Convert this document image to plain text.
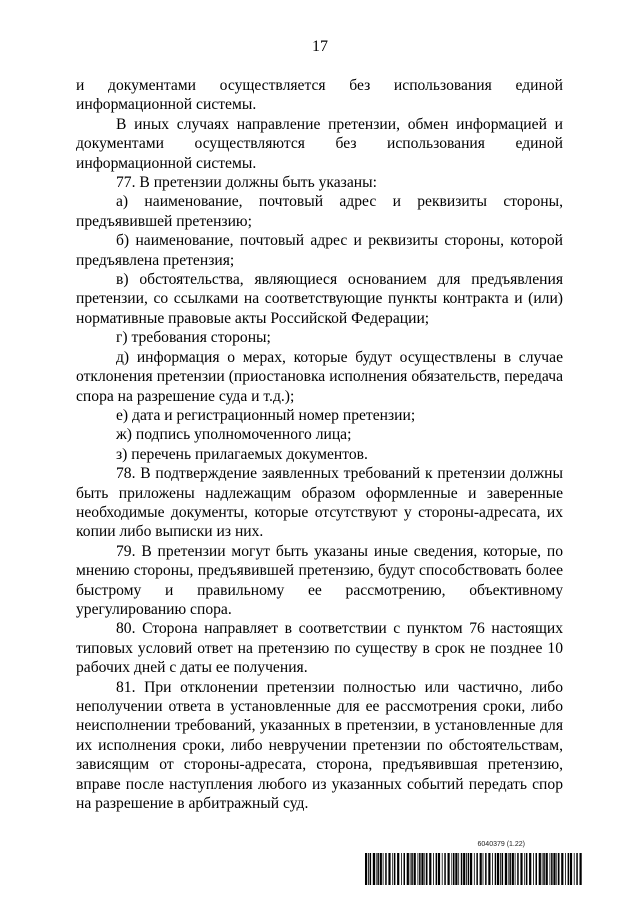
17

и документами осуществляется без использования единой информационной системы.

В иных случаях направление претензии, обмен информацией и документами осуществляются без использования единой информационной системы.

77. В претензии должны быть указаны:

а) наименование, почтовый адрес и реквизиты стороны, предъявившей претензию;

б) наименование, почтовый адрес и реквизиты стороны, которой предъявлена претензия;

в) обстоятельства, являющиеся основанием для предъявления претензии, со ссылками на соответствующие пункты контракта и (или) нормативные правовые акты Российской Федерации;

г) требования стороны;

д) информация о мерах, которые будут осуществлены в случае отклонения претензии (приостановка исполнения обязательств, передача спора на разрешение суда и т.д.);

е) дата и регистрационный номер претензии;

ж) подпись уполномоченного лица;

з) перечень прилагаемых документов.

78. В подтверждение заявленных требований к претензии должны быть приложены надлежащим образом оформленные и заверенные необходимые документы, которые отсутствуют у стороны-адресата, их копии либо выписки из них.

79. В претензии могут быть указаны иные сведения, которые, по мнению стороны, предъявившей претензию, будут способствовать более быстрому и правильному ее рассмотрению, объективному урегулированию спора.

80. Сторона направляет в соответствии с пунктом 76 настоящих типовых условий ответ на претензию по существу в срок не позднее 10 рабочих дней с даты ее получения.

81. При отклонении претензии полностью или частично, либо неполучении ответа в установленные для ее рассмотрения сроки, либо неисполнении требований, указанных в претензии, в установленные для их исполнения сроки, либо неврyчении претензии по обстоятельствам, зависящим от стороны-адресата, сторона, предъявившая претензию, вправе после наступления любого из указанных событий передать спор на разрешение в арбитражный суд.

6040379 (1.22)
